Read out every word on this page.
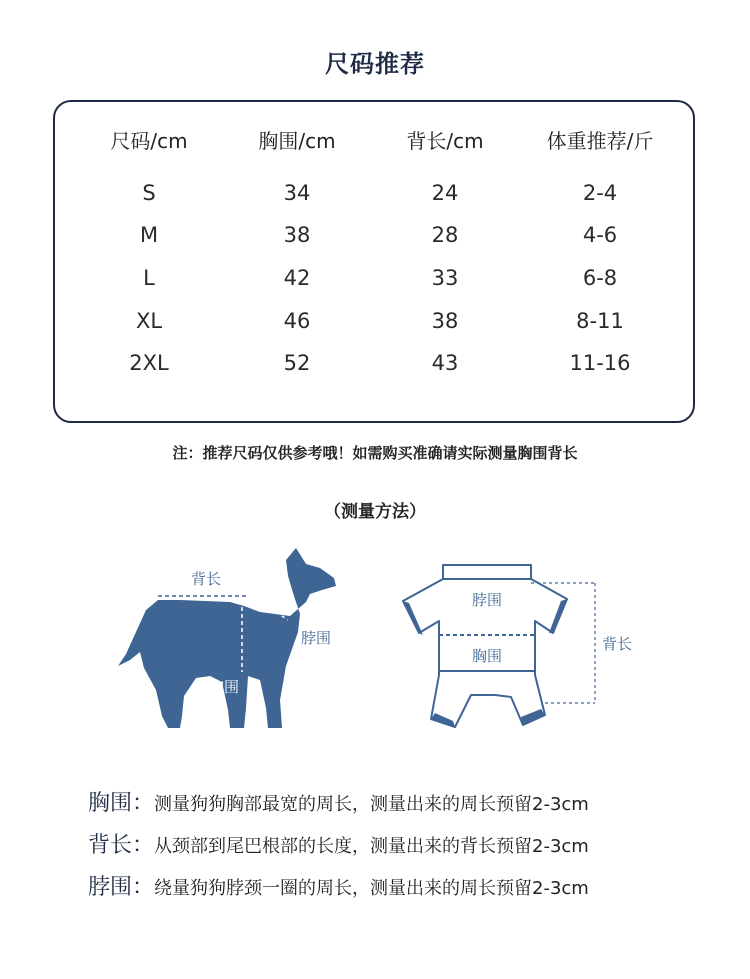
尺码推荐
尺码/cm	胸围/cm	背长/cm	体重推荐/斤
S	34	24	2-4
M	38	28	4-6
L	42	33	6-8
XL	46	38	8-11
2XL	52	43	11-16
注：推荐尺码仅供参考哦！如需购买准确请实际测量胸围背长
（测量方法）
背长
脖围
胸围
脖围
胸围
背长
胸围：测量狗狗胸部最宽的周长，测量出来的周长预留2-3cm
背长：从颈部到尾巴根部的长度，测量出来的背长预留2-3cm
脖围：绕量狗狗脖颈一圈的周长，测量出来的周长预留2-3cm
